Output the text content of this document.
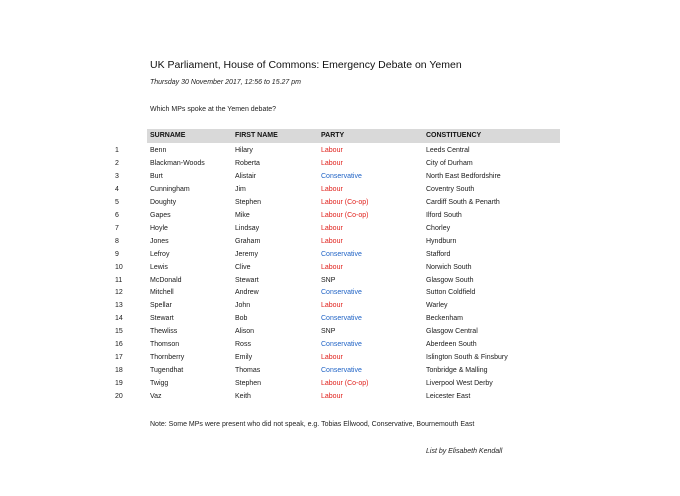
UK Parliament, House of Commons: Emergency Debate on Yemen
Thursday 30 November 2017, 12:56 to 15.27 pm
Which MPs spoke at the Yemen debate?
SURNAME	FIRST NAME	PARTY	CONSTITUENCY
1	Benn	Hilary	Labour	Leeds Central
2	Blackman-Woods	Roberta	Labour	City of Durham
3	Burt	Alistair	Conservative	North East Bedfordshire
4	Cunningham	Jim	Labour	Coventry South
5	Doughty	Stephen	Labour (Co-op)	Cardiff South & Penarth
6	Gapes	Mike	Labour (Co-op)	Ilford South
7	Hoyle	Lindsay	Labour	Chorley
8	Jones	Graham	Labour	Hyndburn
9	Lefroy	Jeremy	Conservative	Stafford
10	Lewis	Clive	Labour	Norwich South
11	McDonald	Stewart	SNP	Glasgow South
12	Mitchell	Andrew	Conservative	Sutton Coldfield
13	Spellar	John	Labour	Warley
14	Stewart	Bob	Conservative	Beckenham
15	Thewliss	Alison	SNP	Glasgow Central
16	Thomson	Ross	Conservative	Aberdeen South
17	Thornberry	Emily	Labour	Islington South & Finsbury
18	Tugendhat	Thomas	Conservative	Tonbridge & Malling
19	Twigg	Stephen	Labour (Co-op)	Liverpool West Derby
20	Vaz	Keith	Labour	Leicester East
Note: Some MPs were present who did not speak, e.g. Tobias Ellwood, Conservative, Bournemouth East
List by Elisabeth Kendall
